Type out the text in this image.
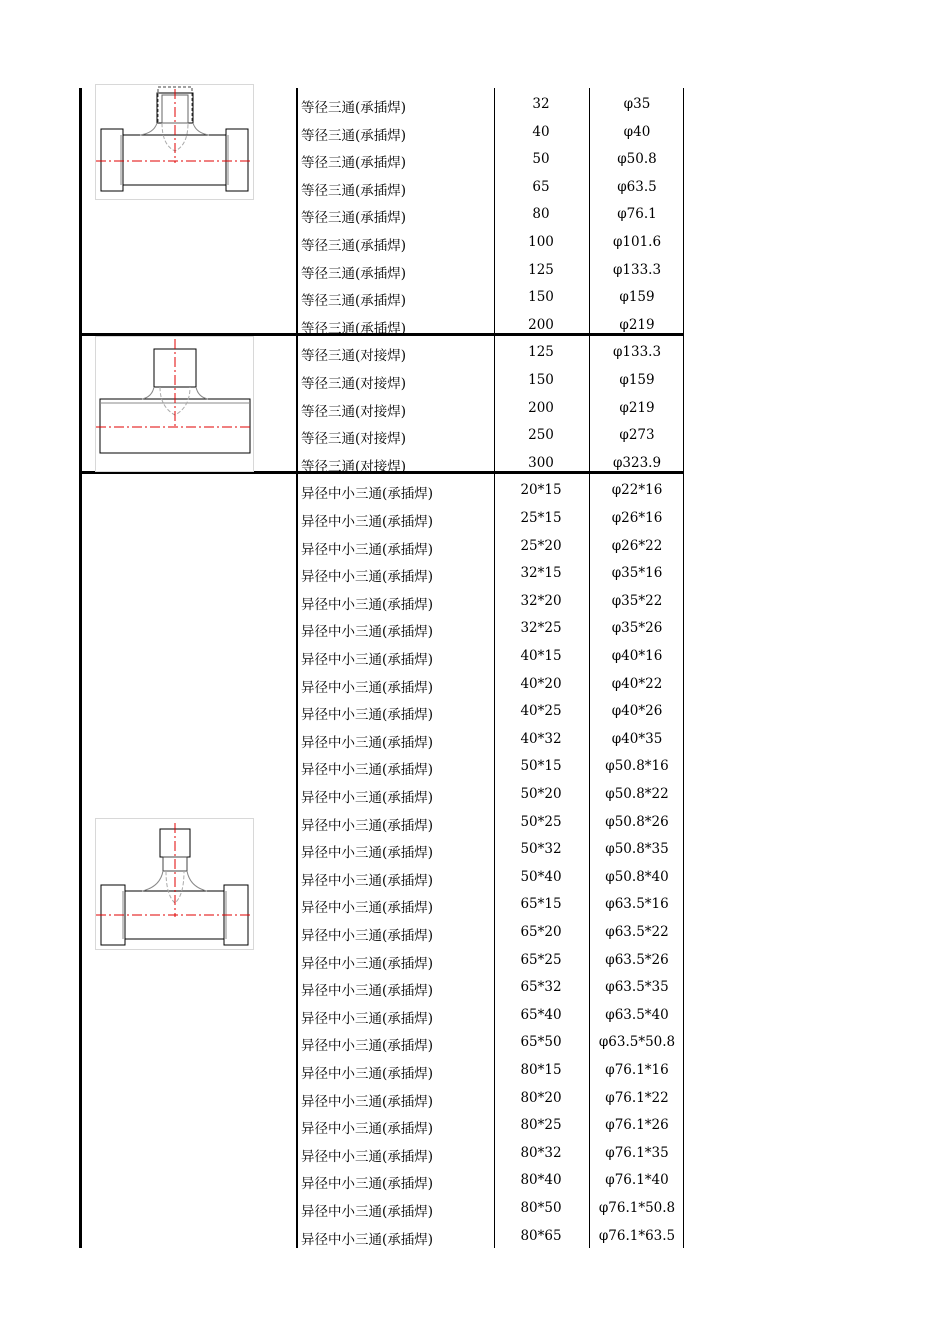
等径三通(承插焊)	32	φ35
等径三通(承插焊)	40	φ40
等径三通(承插焊)	50	φ50.8
等径三通(承插焊)	65	φ63.5
等径三通(承插焊)	80	φ76.1
等径三通(承插焊)	100	φ101.6
等径三通(承插焊)	125	φ133.3
等径三通(承插焊)	150	φ159
等径三通(承插焊)	200	φ219
等径三通(对接焊)	125	φ133.3
等径三通(对接焊)	150	φ159
等径三通(对接焊)	200	φ219
等径三通(对接焊)	250	φ273
等径三通(对接焊)	300	φ323.9
异径中小三通(承插焊)	20*15	φ22*16
异径中小三通(承插焊)	25*15	φ26*16
异径中小三通(承插焊)	25*20	φ26*22
异径中小三通(承插焊)	32*15	φ35*16
异径中小三通(承插焊)	32*20	φ35*22
异径中小三通(承插焊)	32*25	φ35*26
异径中小三通(承插焊)	40*15	φ40*16
异径中小三通(承插焊)	40*20	φ40*22
异径中小三通(承插焊)	40*25	φ40*26
异径中小三通(承插焊)	40*32	φ40*35
异径中小三通(承插焊)	50*15	φ50.8*16
异径中小三通(承插焊)	50*20	φ50.8*22
异径中小三通(承插焊)	50*25	φ50.8*26
异径中小三通(承插焊)	50*32	φ50.8*35
异径中小三通(承插焊)	50*40	φ50.8*40
异径中小三通(承插焊)	65*15	φ63.5*16
异径中小三通(承插焊)	65*20	φ63.5*22
异径中小三通(承插焊)	65*25	φ63.5*26
异径中小三通(承插焊)	65*32	φ63.5*35
异径中小三通(承插焊)	65*40	φ63.5*40
异径中小三通(承插焊)	65*50	φ63.5*50.8
异径中小三通(承插焊)	80*15	φ76.1*16
异径中小三通(承插焊)	80*20	φ76.1*22
异径中小三通(承插焊)	80*25	φ76.1*26
异径中小三通(承插焊)	80*32	φ76.1*35
异径中小三通(承插焊)	80*40	φ76.1*40
异径中小三通(承插焊)	80*50	φ76.1*50.8
异径中小三通(承插焊)	80*65	φ76.1*63.5
